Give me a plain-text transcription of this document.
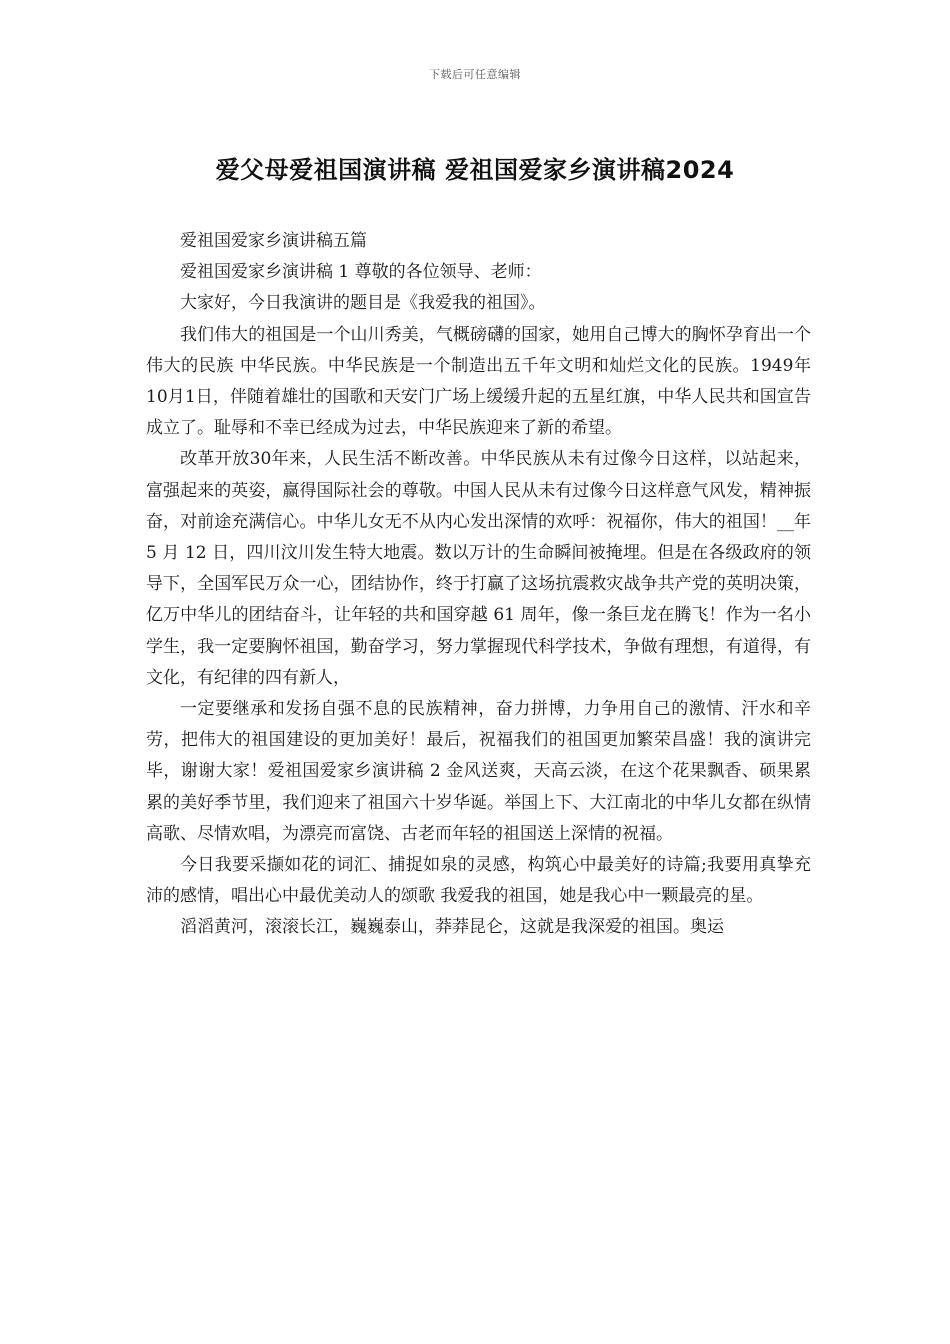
下载后可任意编辑
爱父母爱祖国演讲稿 爱祖国爱家乡演讲稿2024

爱祖国爱家乡演讲稿五篇

爱祖国爱家乡演讲稿 1 尊敬的各位领导、老师：

大家好，今日我演讲的题目是《我爱我的祖国》。

我们伟大的祖国是一个山川秀美，气概磅礴的国家，她用自己博大的胸怀孕育出一个伟大的民族 中华民族。中华民族是一个制造出五千年文明和灿烂文化的民族。1949年10月1日，伴随着雄壮的国歌和天安门广场上缓缓升起的五星红旗，中华人民共和国宣告成立了。耻辱和不幸已经成为过去，中华民族迎来了新的希望。

改革开放30年来，人民生活不断改善。中华民族从未有过像今日这样，以站起来，富强起来的英姿，赢得国际社会的尊敬。中国人民从未有过像今日这样意气风发，精神振奋，对前途充满信心。中华儿女无不从内心发出深情的欢呼：祝福你，伟大的祖国！__年 5 月 12 日，四川汶川发生特大地震。数以万计的生命瞬间被掩埋。但是在各级政府的领导下，全国军民万众一心，团结协作，终于打赢了这场抗震救灾战争共产党的英明决策，亿万中华儿的团结奋斗，让年轻的共和国穿越 61 周年，像一条巨龙在腾飞！作为一名小学生，我一定要胸怀祖国，勤奋学习，努力掌握现代科学技术，争做有理想，有道得，有文化，有纪律的四有新人，

一定要继承和发扬自强不息的民族精神，奋力拼博，力争用自己的激情、汗水和辛劳，把伟大的祖国建设的更加美好！最后，祝福我们的祖国更加繁荣昌盛！我的演讲完毕，谢谢大家！爱祖国爱家乡演讲稿 2 金风送爽，天高云淡，在这个花果飘香、硕果累累的美好季节里，我们迎来了祖国六十岁华诞。举国上下、大江南北的中华儿女都在纵情高歌、尽情欢唱，为漂亮而富饶、古老而年轻的祖国送上深情的祝福。

今日我要采撷如花的词汇、捕捉如泉的灵感，构筑心中最美好的诗篇;我要用真挚充沛的感情，唱出心中最优美动人的颂歌 我爱我的祖国，她是我心中一颗最亮的星。

滔滔黄河，滚滚长江，巍巍泰山，莽莽昆仑，这就是我深爱的祖国。奥运
